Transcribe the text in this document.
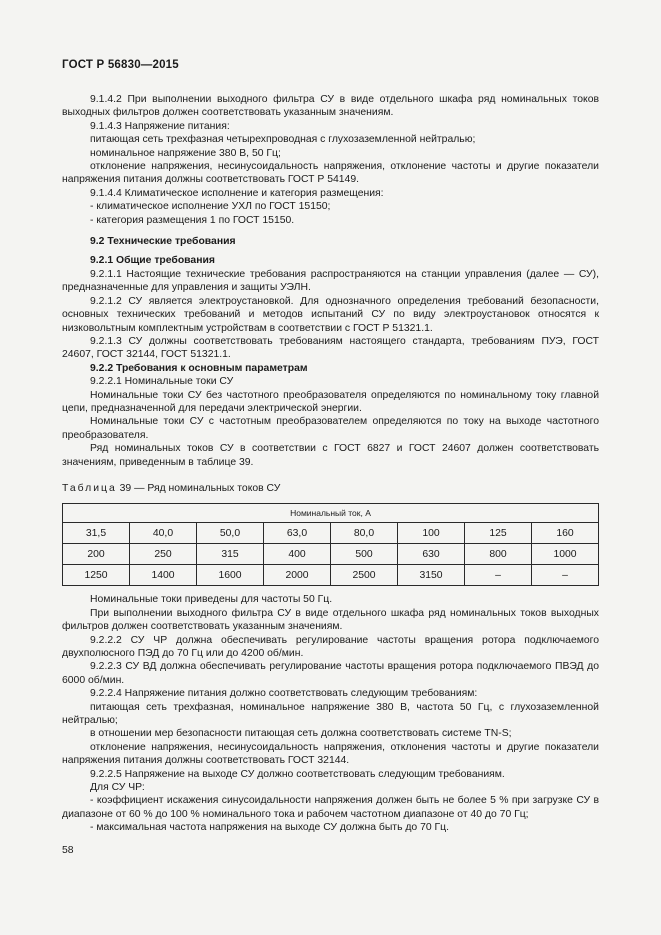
ГОСТ Р 56830—2015

9.1.4.2 При выполнении выходного фильтра СУ в виде отдельного шкафа ряд номинальных токов выходных фильтров должен соответствовать указанным значениям.

9.1.4.3 Напряжение питания:

питающая сеть трехфазная четырехпроводная с глухозаземленной нейтралью;

номинальное напряжение 380 В, 50 Гц;

отклонение напряжения, несинусоидальность напряжения, отклонение частоты и другие показатели напряжения питания должны соответствовать ГОСТ Р 54149.

9.1.4.4 Климатическое исполнение и категория размещения:

- климатическое исполнение УХЛ по ГОСТ 15150;

- категория размещения 1 по ГОСТ 15150.

9.2 Технические требования

9.2.1 Общие требования

9.2.1.1 Настоящие технические требования распространяются на станции управления (далее — СУ), предназначенные для управления и защиты УЭЛН.

9.2.1.2 СУ является электроустановкой. Для однозначного определения требований безопасности, основных технических требований и методов испытаний СУ по виду электроустановок относятся к низковольтным комплектным устройствам в соответствии с ГОСТ Р 51321.1.

9.2.1.3 СУ должны соответствовать требованиям настоящего стандарта, требованиям ПУЭ, ГОСТ 24607, ГОСТ 32144, ГОСТ 51321.1.

9.2.2 Требования к основным параметрам

9.2.2.1 Номинальные токи СУ

Номинальные токи СУ без частотного преобразователя определяются по номинальному току главной цепи, предназначенной для передачи электрической энергии.

Номинальные токи СУ с частотным преобразователем определяются по току на выходе частотного преобразователя.

Ряд номинальных токов СУ в соответствии с ГОСТ 6827 и ГОСТ 24607 должен соответствовать значениям, приведенным в таблице 39.

Таблица 39 — Ряд номинальных токов СУ

Номинальный ток, А							
31,5	40,0	50,0	63,0	80,0	100	125	160
200	250	315	400	500	630	800	1000
1250	1400	1600	2000	2500	3150	–	–

Номинальные токи приведены для частоты 50 Гц.

При выполнении выходного фильтра СУ в виде отдельного шкафа ряд номинальных токов выходных фильтров должен соответствовать указанным значениям.

9.2.2.2 СУ ЧР должна обеспечивать регулирование частоты вращения ротора подключаемого двухполюсного ПЭД до 70 Гц или до 4200 об/мин.

9.2.2.3 СУ ВД должна обеспечивать регулирование частоты вращения ротора подключаемого ПВЭД до 6000 об/мин.

9.2.2.4 Напряжение питания должно соответствовать следующим требованиям:

питающая сеть трехфазная, номинальное напряжение 380 В, частота 50 Гц, с глухозаземленной нейтралью;

в отношении мер безопасности питающая сеть должна соответствовать системе TN-S;

отклонение напряжения, несинусоидальность напряжения, отклонения частоты и другие показатели напряжения питания должны соответствовать ГОСТ 32144.

9.2.2.5 Напряжение на выходе СУ должно соответствовать следующим требованиям.

Для СУ ЧР:

- коэффициент искажения синусоидальности напряжения должен быть не более 5 % при загрузке СУ в диапазоне от 60 % до 100 % номинального тока и рабочем частотном диапазоне от 40 до 70 Гц;

- максимальная частота напряжения на выходе СУ должна быть до 70 Гц.

58
